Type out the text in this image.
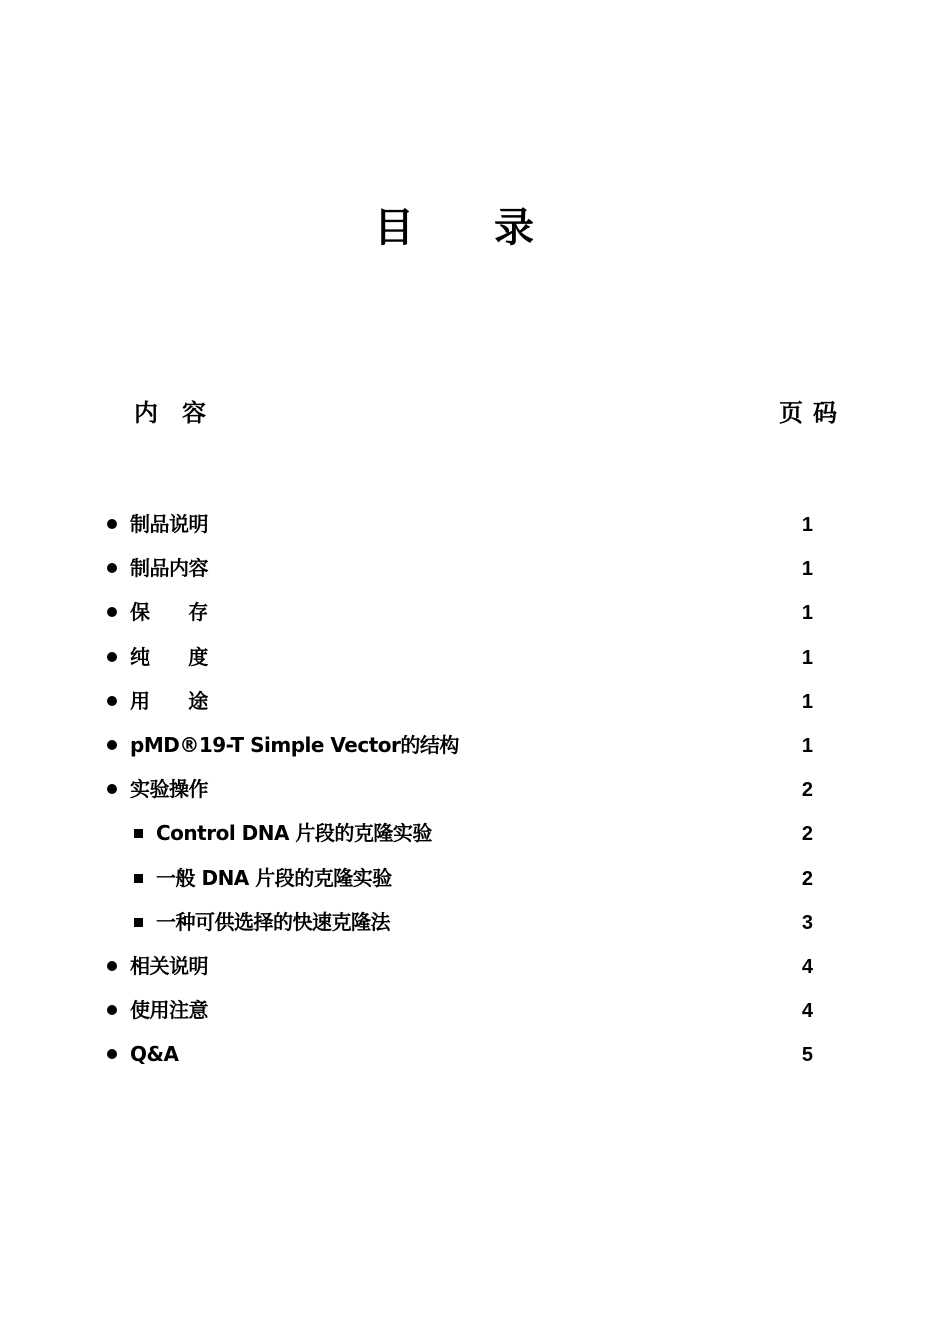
目 录
内 容	页 码
制品说明	1
制品内容	1
保      存	1
纯      度	1
用      途	1
pMD®19-T Simple Vector的结构	1
实验操作	2
Control DNA 片段的克隆实验	2
一般 DNA 片段的克隆实验	2
一种可供选择的快速克隆法	3
相关说明	4
使用注意	4
Q&A	5
